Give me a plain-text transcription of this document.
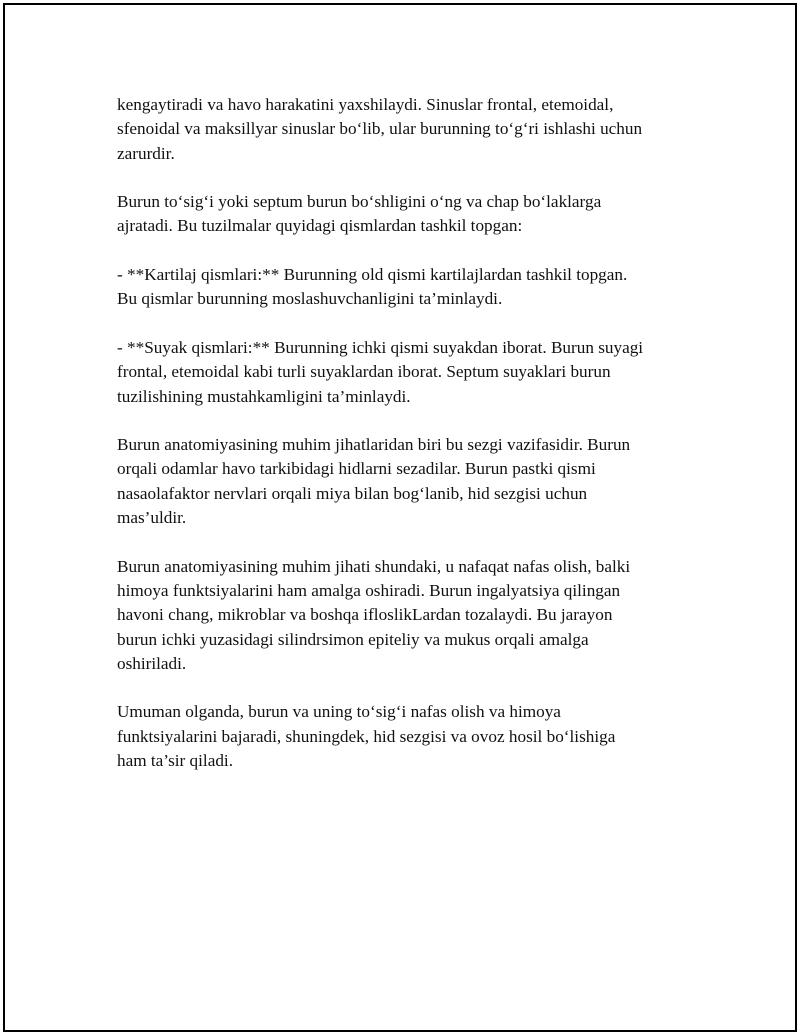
kengaytiradi va havo harakatini yaxshilaydi. Sinuslar frontal, etemoidal,
sfenoidal va maksillyar sinuslar bo‘lib, ular burunning to‘g‘ri ishlashi uchun
zarurdir.

Burun to‘sig‘i yoki septum burun bo‘shligini o‘ng va chap bo‘laklarga
ajratadi. Bu tuzilmalar quyidagi qismlardan tashkil topgan:

- **Kartilaj qismlari:** Burunning old qismi kartilajlardan tashkil topgan.
Bu qismlar burunning moslashuvchanligini ta’minlaydi.

- **Suyak qismlari:** Burunning ichki qismi suyakdan iborat. Burun suyagi
frontal, etemoidal kabi turli suyaklardan iborat. Septum suyaklari burun
tuzilishining mustahkamligini ta’minlaydi.

Burun anatomiyasining muhim jihatlaridan biri bu sezgi vazifasidir. Burun
orqali odamlar havo tarkibidagi hidlarni sezadilar. Burun pastki qismi
nasaolafaktor nervlari orqali miya bilan bog‘lanib, hid sezgisi uchun
mas’uldir.

Burun anatomiyasining muhim jihati shundaki, u nafaqat nafas olish, balki
himoya funktsiyalarini ham amalga oshiradi. Burun ingalyatsiya qilingan
havoni chang, mikroblar va boshqa ifloslikLardan tozalaydi. Bu jarayon
burun ichki yuzasidagi silindrsimon epiteliy va mukus orqali amalga
oshiriladi.

Umuman olganda, burun va uning to‘sig‘i nafas olish va himoya
funktsiyalarini bajaradi, shuningdek, hid sezgisi va ovoz hosil bo‘lishiga
ham ta’sir qiladi.
